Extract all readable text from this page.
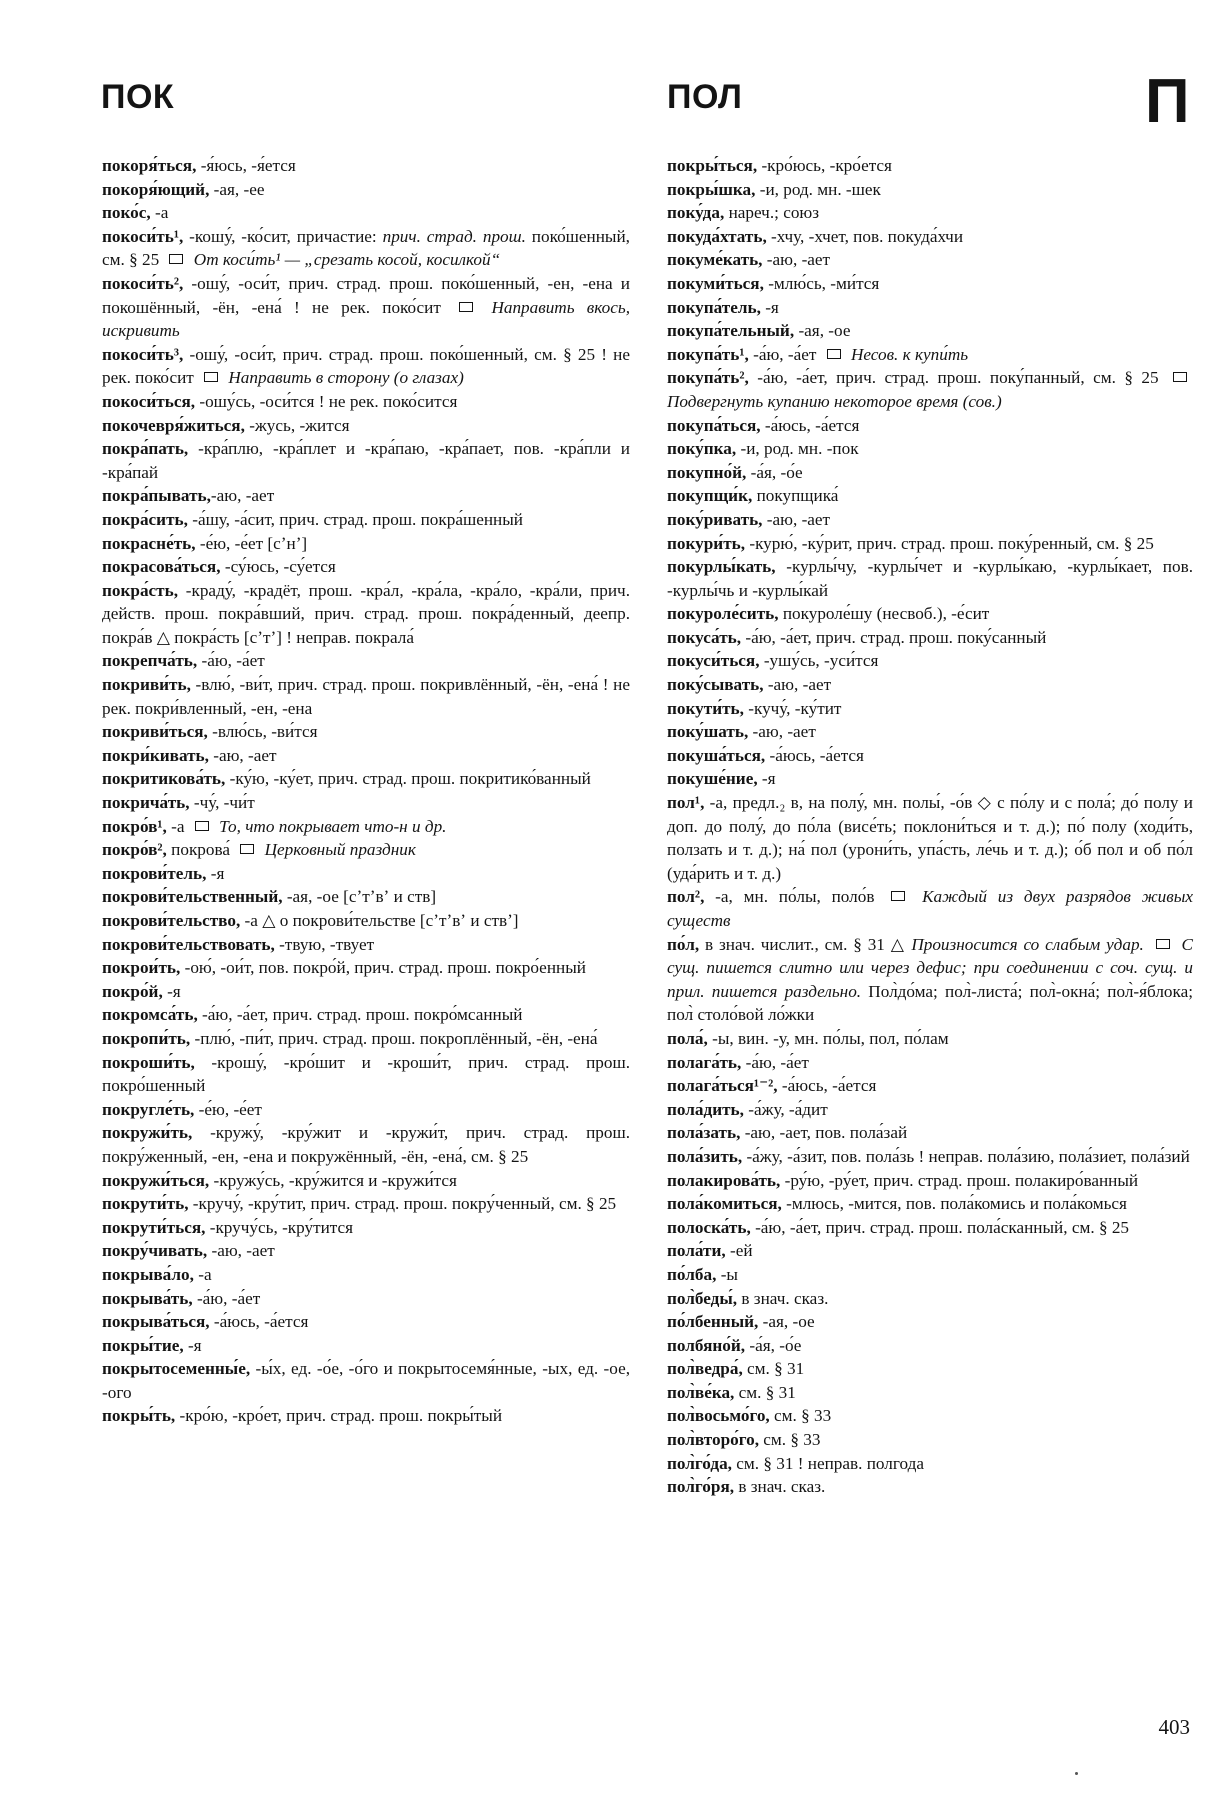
ПОК	ПОЛ	П
покоря́ться, -я́юсь, -я́ется
покоря́ющий, -ая, -ее
поко́с, -а
покоси́ть¹, -кошу́, -ко́сит, причастие: прич. страд. прош. поко́шенный, см. § 25  От коси́ть¹ — „срезать косой, косилкой“
покоси́ть², -ошу́, -оси́т, прич. страд. прош. поко́шенный, -ен, -ена и покошённый, -ён, -ена́ ! не рек. поко́сит  Направить вкось, искривить
покоси́ть³, -ошу́, -оси́т, прич. страд. прош. поко́шенный, см. § 25 ! не рек. поко́сит  Направить в сторону (о глазах)
покоси́ться, -ошу́сь, -оси́тся ! не рек. поко́сится
покочевря́житься, -жусь, -жится
покра́пать, -кра́плю, -кра́плет и -кра́паю, -кра́пает, пов. -кра́пли и -кра́пай
покра́пывать,-аю, -ает
покра́сить, -а́шу, -а́сит, прич. страд. прош. покра́шенный
покрасне́ть, -е́ю, -е́ет [сʼнʼ]
покрасова́ться, -су́юсь, -су́ется
покра́сть, -краду́, -крадёт, прош. -кра́л, -кра́ла, -кра́ло, -кра́ли, прич. действ. прош. покра́вший, прич. страд. прош. покра́денный, деепр. покра́в △ покра́сть [сʼтʼ] ! неправ. покрала́
покрепча́ть, -а́ю, -а́ет
покриви́ть, -влю́, -ви́т, прич. страд. прош. покривлённый, -ён, -ена́ ! не рек. покри́вленный, -ен, -ена
покриви́ться, -влю́сь, -ви́тся
покри́кивать, -аю, -ает
покритикова́ть, -ку́ю, -ку́ет, прич. страд. прош. покритико́ванный
покрича́ть, -чу́, -чи́т
покро́в¹, -а  То, что покрывает что-н и др.
покро́в², покрова́  Церковный праздник
покрови́тель, -я
покрови́тельственный, -ая, -ое [сʼтʼвʼ и ств]
покрови́тельство, -а △ о покрови́тельстве [сʼтʼвʼ и ствʼ]
покрови́тельствовать, -твую, -твует
покрои́ть, -ою́, -ои́т, пов. покро́й, прич. страд. прош. покро́енный
покро́й, -я
покромса́ть, -а́ю, -а́ет, прич. страд. прош. покро́мсанный
покропи́ть, -плю́, -пи́т, прич. страд. прош. покроплённый, -ён, -ена́
покроши́ть, -крошу́, -кро́шит и -кроши́т, прич. страд. прош. покро́шенный
покругле́ть, -е́ю, -е́ет
покружи́ть, -кружу́, -кру́жит и -кружи́т, прич. страд. прош. покру́женный, -ен, -ена и покружённый, -ён, -ена́, см. § 25
покружи́ться, -кружу́сь, -кру́жится и -кружи́тся
покрути́ть, -кручу́, -кру́тит, прич. страд. прош. покру́ченный, см. § 25
покрути́ться, -кручу́сь, -кру́тится
покру́чивать, -аю, -ает
покрыва́ло, -а
покрыва́ть, -а́ю, -а́ет
покрыва́ться, -а́юсь, -а́ется
покры́тие, -я
покрытосеменны́е, -ы́х, ед. -о́е, -о́го и покрытосемя́нные, -ых, ед. -ое, -ого
покры́ть, -кро́ю, -кро́ет, прич. страд. прош. покры́тый
покры́ться, -кро́юсь, -кро́ется
покры́шка, -и, род. мн. -шек
поку́да, нареч.; союз
покуда́хтать, -хчу, -хчет, пов. покуда́хчи
покуме́кать, -аю, -ает
покуми́ться, -млю́сь, -ми́тся
покупа́тель, -я
покупа́тельный, -ая, -ое
покупа́ть¹, -а́ю, -а́ет  Несов. к купи́ть
покупа́ть², -а́ю, -а́ет, прич. страд. прош. поку́панный, см. § 25  Подвергнуть купанию некоторое время (сов.)
покупа́ться, -а́юсь, -а́ется
поку́пка, -и, род. мн. -пок
покупно́й, -а́я, -о́е
покупщи́к, покупщика́
поку́ривать, -аю, -ает
покури́ть, -курю́, -ку́рит, прич. страд. прош. поку́ренный, см. § 25
покурлы́кать, -курлы́чу, -курлы́чет и -курлы́каю, -курлы́кает, пов. -курлы́чь и -курлы́кай
покуроле́сить, покуроле́шу (несвоб.), -е́сит
покуса́ть, -а́ю, -а́ет, прич. страд. прош. поку́санный
покуси́ться, -ушу́сь, -уси́тся
поку́сывать, -аю, -ает
покути́ть, -кучу́, -ку́тит
поку́шать, -аю, -ает
покуша́ться, -а́юсь, -а́ется
покуше́ние, -я
пол¹, -а, предл.₂ в, на полу́, мн. полы́, -о́в ◇ с по́лу и с пола́; до́ полу и доп. до полу́, до по́ла (висе́ть; поклони́ться и т. д.); по́ полу (ходи́ть, ползать и т. д.); на́ пол (урони́ть, упа́сть, ле́чь и т. д.); о́б пол и об по́л (уда́рить и т. д.)
пол², -а, мн. по́лы, поло́в  Каждый из двух разрядов живых существ
по́л, в знач. числит., см. § 31 △ Произносится со слабым удар.  С сущ. пишется слитно или через дефис; при соединении с соч. сущ. и прил. пишется раздельно. Пол̀до́ма; пол̀-листа́; пол̀-окна́; пол̀-я́блока; пол̀ столо́вой ло́жки
пола́, -ы, вин. -у, мн. по́лы, пол, по́лам
полага́ть, -а́ю, -а́ет
полага́ться¹⁻², -а́юсь, -а́ется
пола́дить, -а́жу, -а́дит
пола́зать, -аю, -ает, пов. пола́зай
пола́зить, -а́жу, -а́зит, пов. пола́зь ! неправ. пола́зию, пола́зиет, пола́зий
полакирова́ть, -ру́ю, -ру́ет, прич. страд. прош. полакиро́ванный
пола́комиться, -млюсь, -мится, пов. пола́комись и пола́комься
полоска́ть, -а́ю, -а́ет, прич. страд. прош. пола́сканный, см. § 25
пола́ти, -ей
по́лба, -ы
пол̀беды́, в знач. сказ.
по́лбенный, -ая, -ое
полбяно́й, -а́я, -о́е
пол̀ведра́, см. § 31
пол̀ве́ка, см. § 31
пол̀восьмо́го, см. § 33
пол̀второ́го, см. § 33
пол̀го́да, см. § 31 ! неправ. полгода
пол̀го́ря, в знач. сказ.
403
